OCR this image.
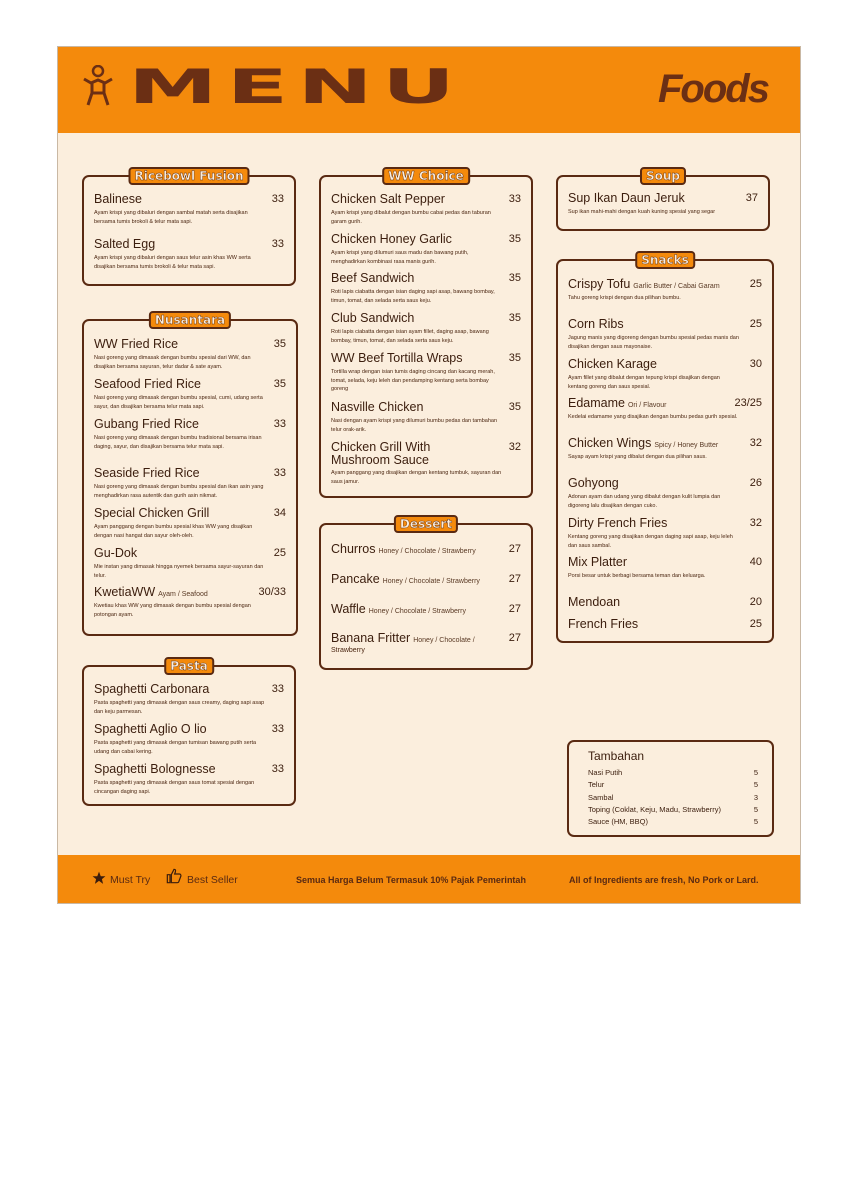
MENU	Foods
Ricebowl Fusion
Balinese	33
Ayam krispi yang dibaluri dengan sambal matah serta disajikan bersama tumis brokoli & telur mata sapi.
Salted Egg	33
Ayam krispi yang dibaluri dengan saus telur asin khas WW serta disajikan bersama tumis brokoli & telur mata sapi.
Nusantara
WW Fried Rice	35
Nasi goreng yang dimasak dengan bumbu spesial dari WW, dan disajikan bersama sayuran, telur dadar & sate ayam.
Seafood Fried Rice	35
Nasi goreng yang dimasak dengan bumbu spesial, cumi, udang serta sayur, dan disajikan bersama telur mata sapi.
Gubang Fried Rice	33
Nasi goreng yang dimasak dengan bumbu tradisional bersama irisan daging, sayur, dan disajikan bersama telur mata sapi.
Seaside Fried Rice	33
Nasi goreng yang dimasak dengan bumbu spesial dan ikan asin yang menghadirkan rasa autentik dan gurih asin nikmat.
Special Chicken Grill	34
Ayam panggang dengan bumbu spesial khas WW yang disajikan dengan nasi hangat dan sayur oleh-oleh.
Gu-Dok	25
Mie instan yang dimasak hingga nyemek bersama sayur-sayuran dan telur.
KwetiaWW Ayam / Seafood	30/33
Kwetiau khas WW yang dimasak dengan bumbu spesial dengan potongan ayam.
Pasta
Spaghetti Carbonara	33
Pasta spaghetti yang dimasak dengan saus creamy, daging sapi asap dan keju parmesan.
Spaghetti Aglio O lio	33
Pasta spaghetti yang dimasak dengan tumisan bawang putih serta udang dan cabai kering.
Spaghetti Bolognesse	33
Pasta spaghetti yang dimasak dengan saus tomat spesial dengan cincangan daging sapi.
WW Choice
Chicken Salt Pepper	33
Ayam krispi yang dibalut dengan bumbu cabai pedas dan taburan garam gurih.
Chicken Honey Garlic	35
Ayam krispi yang dilumuri saus madu dan bawang putih, menghadirkan kombinasi rasa manis gurih.
Beef Sandwich	35
Roti lapis ciabatta dengan isian daging sapi asap, bawang bombay, timun, tomat, dan selada serta saus keju.
Club Sandwich	35
Roti lapis ciabatta dengan isian ayam fillet, daging asap, bawang bombay, timun, tomat, dan selada serta saus keju.
WW Beef Tortilla Wraps	35
Tortilla wrap dengan isian tumis daging cincang dan kacang merah, tomat, selada, keju leleh dan pendamping kentang serta bombay goreng
Nasville Chicken	35
Nasi dengan ayam krispi yang dilumuri bumbu pedas dan tambahan telur orak-arik.
Chicken Grill With Mushroom Sauce
32
Ayam panggang yang disajikan dengan kentang tumbuk, sayuran dan saus jamur.
Dessert
Churros Honey / Chocolate / Strawberry	27
Pancake Honey / Chocolate / Strawberry	27
Waffle Honey / Chocolate / Strawberry	27
Banana Fritter Honey / Chocolate /	27
Strawberry
Soup
Sup Ikan Daun Jeruk	37
Sup ikan mahi-mahi dengan kuah kuning spesial yang segar
Snacks
Crispy Tofu Garlic Butter / Cabai Garam	25
Tahu goreng krispi dengan dua pilihan bumbu.
Corn Ribs	25
Jagung manis yang digoreng dengan bumbu spesial pedas manis dan disajikan dengan saus mayonaise.
Chicken Karage	30
Ayam fillet yang dibalut dengan tepung krispi disajikan dengan kentang goreng dan saus spesial.
Edamame Ori / Flavour	23/25
Kedelai edamame yang disajikan dengan bumbu pedas gurih spesial.
Chicken Wings Spicy / Honey Butter	32
Sayap ayam krispi yang dibalut dengan dua pilihan saus.
Gohyong	26
Adonan ayam dan udang yang dibalut dengan kulit lumpia dan digoreng lalu disajikan dengan cuko.
Dirty French Fries	32
Kentang goreng yang disajikan dengan daging sapi asap, keju leleh dan saus sambal.
Mix Platter	40
Porsi besar untuk berbagi bersama teman dan keluarga.
Mendoan	20
French Fries	25
Tambahan
Nasi Putih	5
Telur	5
Sambal	3
Toping (Coklat, Keju, Madu, Strawberry)	5
Sauce (HM, BBQ)	5
Must Try	Best Seller	Semua Harga Belum Termasuk 10% Pajak Pemerintah	All of Ingredients are fresh, No Pork or Lard.
